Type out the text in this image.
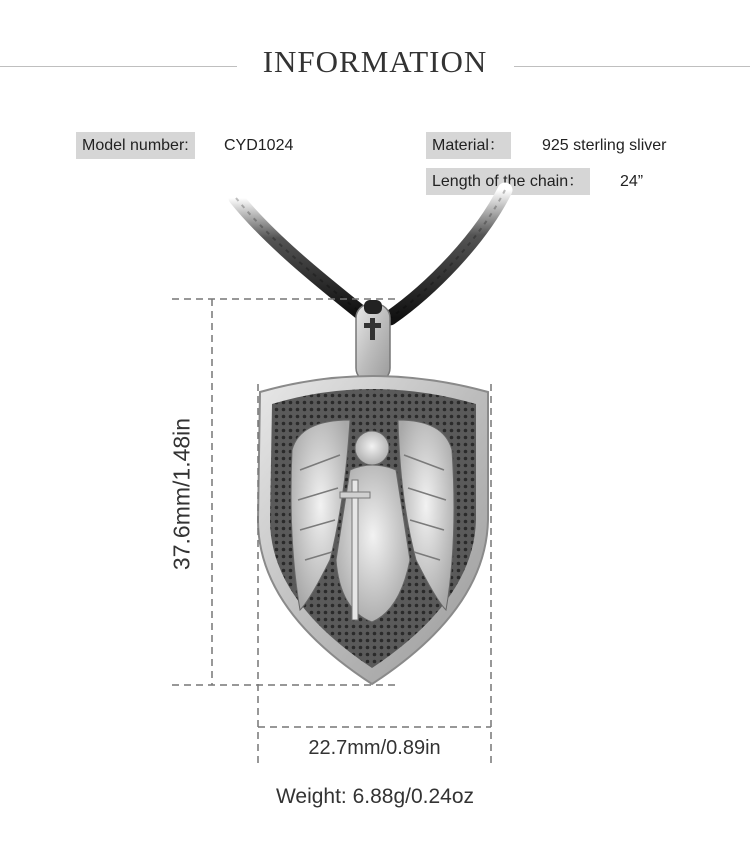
INFORMATION
Model number:	CYD1024	Material：	925 sterling sliver
Length of the chain：	24”
37.6mm/1.48in
22.7mm/0.89in
Weight: 6.88g/0.24oz
